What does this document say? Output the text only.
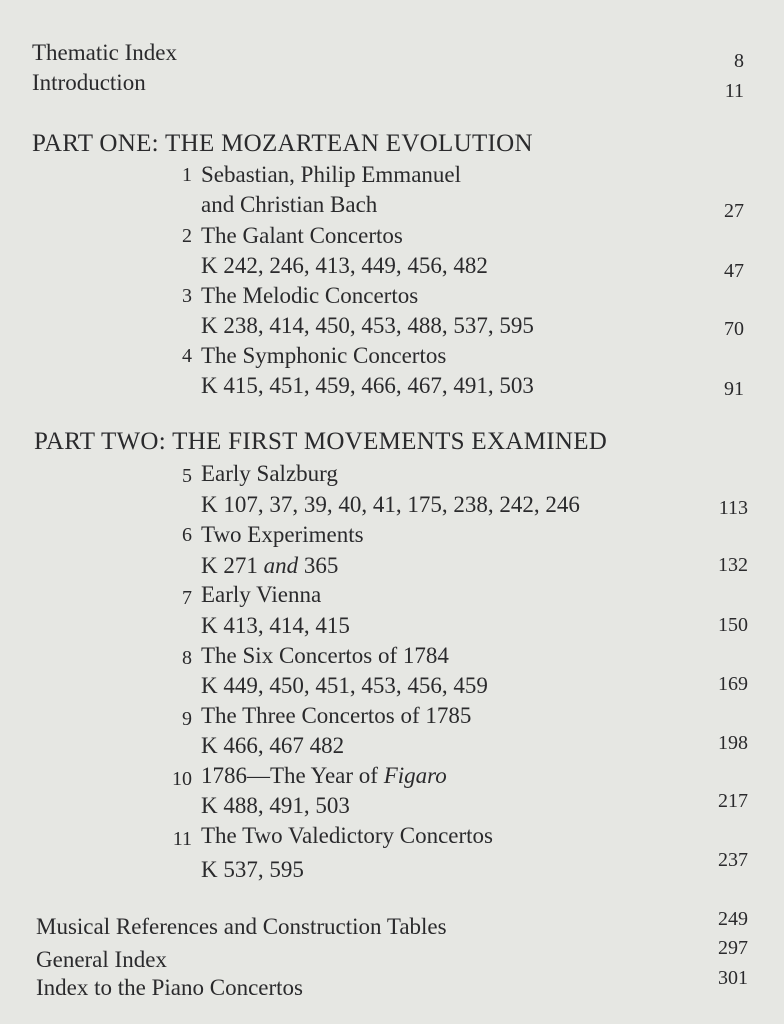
Thematic Index	8
Introduction	11
PART ONE: THE MOZARTEAN EVOLUTION
1 Sebastian, Philip Emmanuel
and Christian Bach	27
2 The Galant Concertos
K 242, 246, 413, 449, 456, 482	47
3 The Melodic Concertos
K 238, 414, 450, 453, 488, 537, 595	70
4 The Symphonic Concertos
K 415, 451, 459, 466, 467, 491, 503	91
PART TWO: THE FIRST MOVEMENTS EXAMINED
5 Early Salzburg
K 107, 37, 39, 40, 41, 175, 238, 242, 246	113
6 Two Experiments
K 271 and 365	132
7 Early Vienna
K 413, 414, 415	150
8 The Six Concertos of 1784
K 449, 450, 451, 453, 456, 459	169
9 The Three Concertos of 1785
K 466, 467 482	198
10 1786—The Year of Figaro
K 488, 491, 503	217
11 The Two Valedictory Concertos
K 537, 595	237
Musical References and Construction Tables	249
General Index	297
Index to the Piano Concertos	301
